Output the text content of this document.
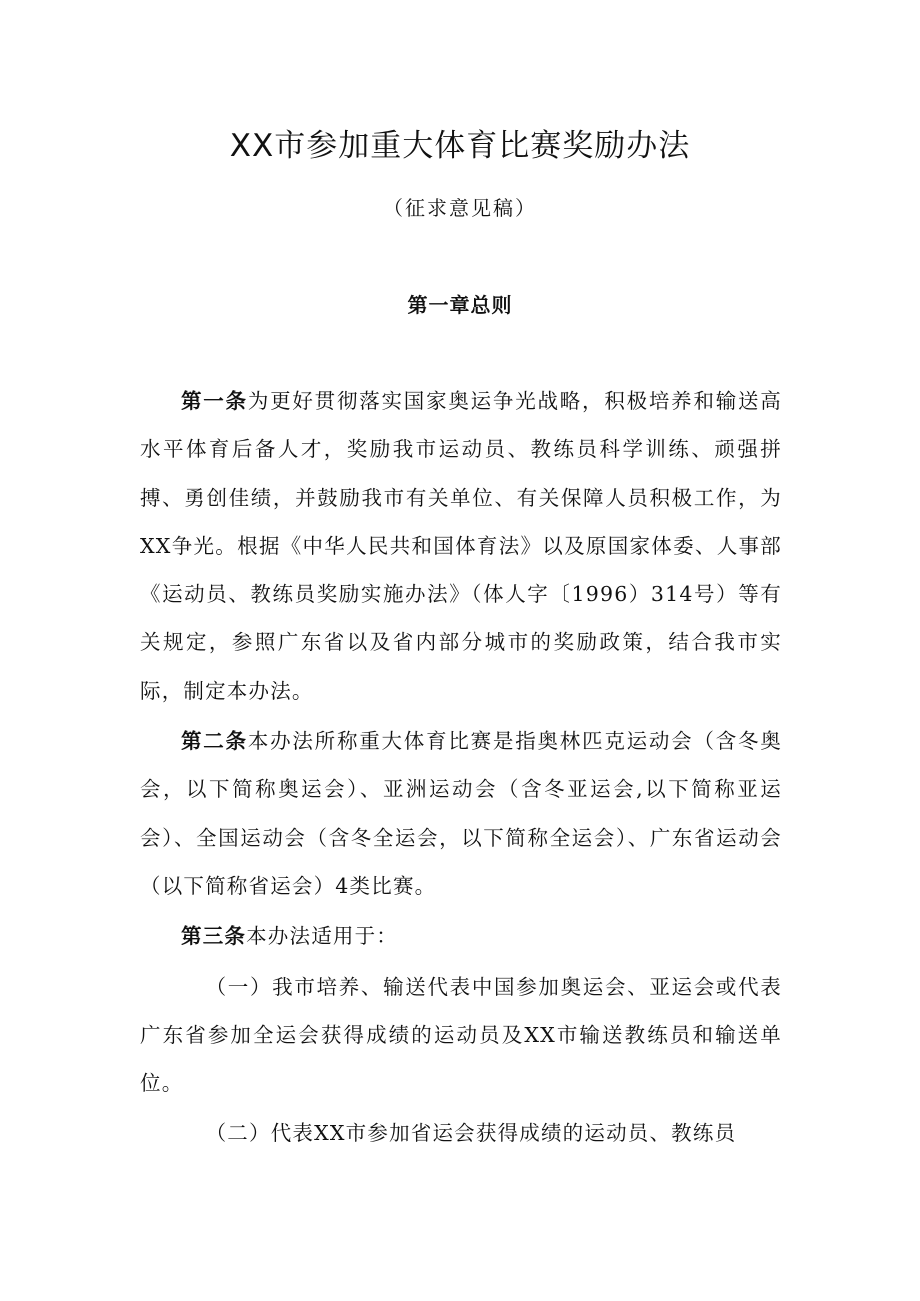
XX市参加重大体育比赛奖励办法
（征求意见稿）
第一章总则

第一条为更好贯彻落实国家奥运争光战略，积极培养和输送高水平体育后备人才，奖励我市运动员、教练员科学训练、顽强拼搏、勇创佳绩，并鼓励我市有关单位、有关保障人员积极工作，为XX争光。根据《中华人民共和国体育法》以及原国家体委、人事部《运动员、教练员奖励实施办法》（体人字〔1996）314号）等有关规定，参照广东省以及省内部分城市的奖励政策，结合我市实际，制定本办法。

第二条本办法所称重大体育比赛是指奥林匹克运动会（含冬奥会，以下简称奥运会）、亚洲运动会（含冬亚运会,以下简称亚运会）、全国运动会（含冬全运会，以下简称全运会）、广东省运动会（以下简称省运会）4类比赛。

第三条本办法适用于：

（一）我市培养、输送代表中国参加奥运会、亚运会或代表广东省参加全运会获得成绩的运动员及XX市输送教练员和输送单位。

（二）代表XX市参加省运会获得成绩的运动员、教练员
